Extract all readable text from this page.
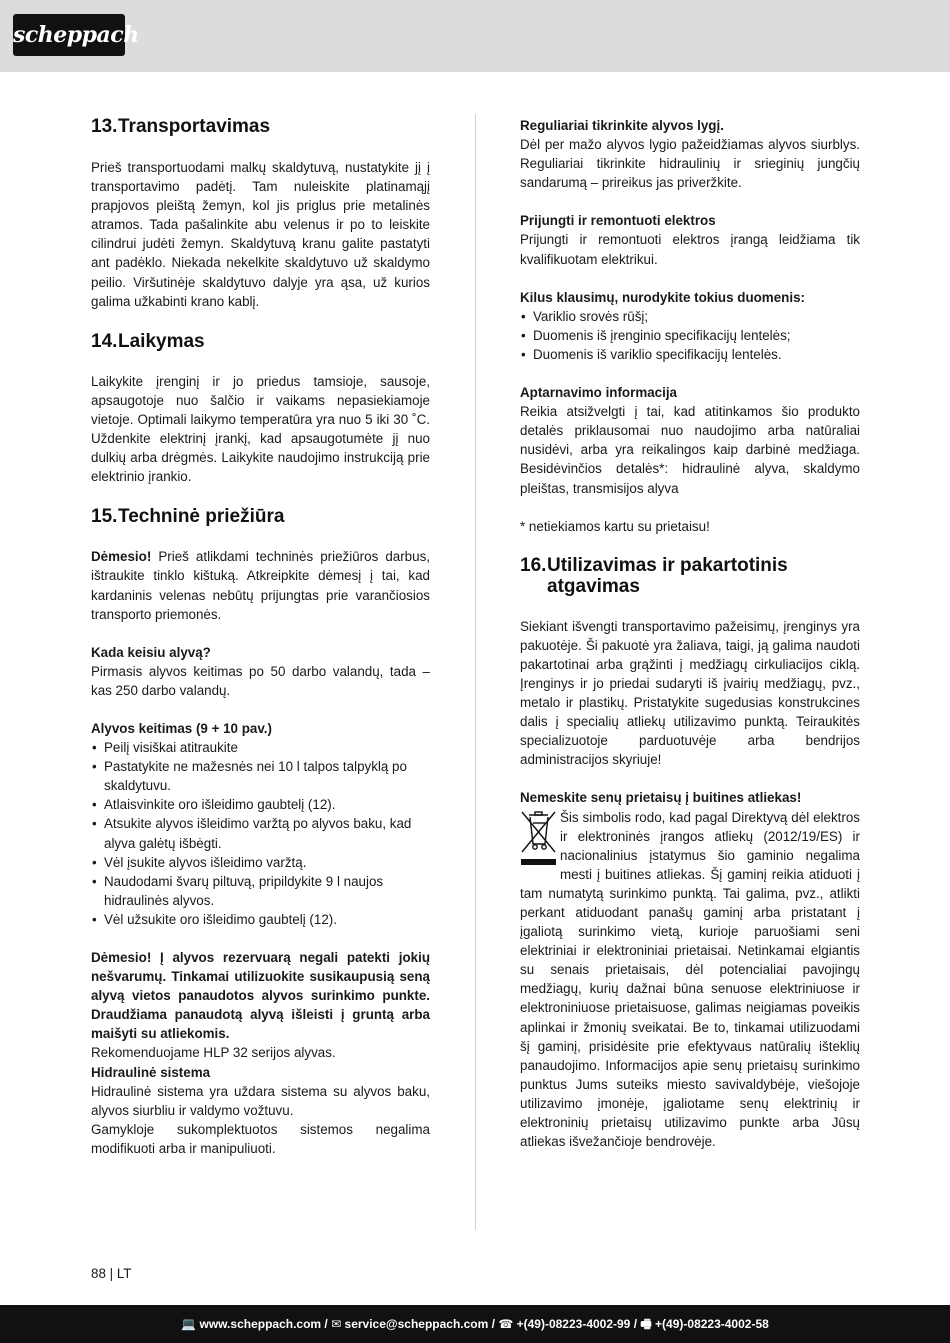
scheppach
13. Transportavimas

Prieš transportuodami malkų skaldytuvą, nustatykite jį į transportavimo padėtį. Tam nuleiskite platinamąjį prapjovos pleištą žemyn, kol jis priglus prie metalinės atramos. Tada pašalinkite abu velenus ir po to leiskite cilindrui judėti žemyn. Skaldytuvą kranu galite pastatyti ant padėklo. Niekada nekelkite skaldytuvo už skaldymo peilio. Viršutinėje skaldytuvo dalyje yra ąsa, už kurios galima užkabinti krano kablį.

14. Laikymas

Laikykite įrenginį ir jo priedus tamsioje, sausoje, apsaugotoje nuo šalčio ir vaikams nepasiekiamoje vietoje. Optimali laikymo temperatūra yra nuo 5 iki 30 ˚C. Uždenkite elektrinį įrankį, kad apsaugotumėte jį nuo dulkių arba drėgmės. Laikykite naudojimo instrukciją prie elektrinio įrankio.

15. Techninė priežiūra

Dėmesio! Prieš atlikdami techninės priežiūros darbus, ištraukite tinklo kištuką. Atkreipkite dėmesį į tai, kad kardaninis velenas nebūtų prijungtas prie varančiosios transporto priemonės.

Kada keisiu alyvą?

Pirmasis alyvos keitimas po 50 darbo valandų, tada – kas 250 darbo valandų.

Alyvos keitimas (9 + 10 pav.)

• Peilį visiškai atitraukite
• Pastatykite ne mažesnės nei 10 l talpos talpyklą po skaldytuvu.
• Atlaisvinkite oro išleidimo gaubtelį (12).
• Atsukite alyvos išleidimo varžtą po alyvos baku, kad alyva galėtų išbėgti.
• Vėl įsukite alyvos išleidimo varžtą.
• Naudodami švarų piltuvą, pripildykite 9 l naujos hidraulinės alyvos.
• Vėl užsukite oro išleidimo gaubtelį (12).

Dėmesio! Į alyvos rezervuarą negali patekti jokių nešvarumų. Tinkamai utilizuokite susikaupusią seną alyvą vietos panaudotos alyvos surinkimo punkte. Draudžiama panaudotą alyvą išleisti į gruntą arba maišyti su atliekomis.

Rekomenduojame HLP 32 serijos alyvas.

Hidraulinė sistema

Hidraulinė sistema yra uždara sistema su alyvos baku, alyvos siurbliu ir valdymo vožtuvu.

Gamykloje sukomplektuotos sistemos negalima modifikuoti arba ir manipuliuoti.

Reguliariai tikrinkite alyvos lygį.

Dėl per mažo alyvos lygio pažeidžiamas alyvos siurblys. Reguliariai tikrinkite hidraulinių ir srieginių jungčių sandarumą – prireikus jas priveržkite.

Prijungti ir remontuoti elektros

Prijungti ir remontuoti elektros įrangą leidžiama tik kvalifikuotam elektrikui.

Kilus klausimų, nurodykite tokius duomenis:

• Variklio srovės rūšį;
• Duomenis iš įrenginio specifikacijų lentelės;
• Duomenis iš variklio specifikacijų lentelės.

Aptarnavimo informacija

Reikia atsižvelgti į tai, kad atitinkamos šio produkto detalės priklausomai nuo naudojimo arba natūraliai nusidėvi, arba yra reikalingos kaip darbinė medžiaga. Besidėvinčios detalės*: hidraulinė alyva, skaldymo pleištas, transmisijos alyva

* netiekiamos kartu su prietaisu!

16. Utilizavimas ir pakartotinis atgavimas

Siekiant išvengti transportavimo pažeisimų, įrenginys yra pakuotėje. Ši pakuotė yra žaliava, taigi, ją galima naudoti pakartotinai arba grąžinti į medžiagų cirkuliacijos ciklą. Įrenginys ir jo priedai sudaryti iš įvairių medžiagų, pvz., metalo ir plastikų. Pristatykite sugedusias konstrukcines dalis į specialių atliekų utilizavimo punktą. Teiraukitės specializuotoje parduotuvėje arba bendrijos administracijos skyriuje!

Nemeskite senų prietaisų į buitines atliekas!

Šis simbolis rodo, kad pagal Direktyvą dėl elektros ir elektroninės įrangos atliekų (2012/19/ES) ir nacionalinius įstatymus šio gaminio negalima mesti į buitines atliekas. Šį gaminį reikia atiduoti į tam numatytą surinkimo punktą. Tai galima, pvz., atlikti perkant atiduodant panašų gaminį arba pristatant į įgaliotą surinkimo vietą, kurioje paruošiami seni elektriniai ir elektroniniai prietaisai. Netinkamai elgiantis su senais prietaisais, dėl potencialiai pavojingų medžiagų, kurių dažnai būna senuose elektriniuose ir elektroniniuose prietaisuose, galimas neigiamas poveikis aplinkai ir žmonių sveikatai. Be to, tinkamai utilizuodami šį gaminį, prisidėsite prie efektyvaus natūralių išteklių panaudojimo. Informacijos apie senų prietaisų surinkimo punktus Jums suteiks miesto savivaldybėje, viešojoje utilizavimo įmonėje, įgaliotame senų elektrinių ir elektroninių prietaisų utilizavimo punkte arba Jūsų atliekas išvežančioje bendrovėje.

88 | LT
💻 www.scheppach.com / ✉ service@scheppach.com / ☎ +(49)-08223-4002-99 / 🖷 +(49)-08223-4002-58
